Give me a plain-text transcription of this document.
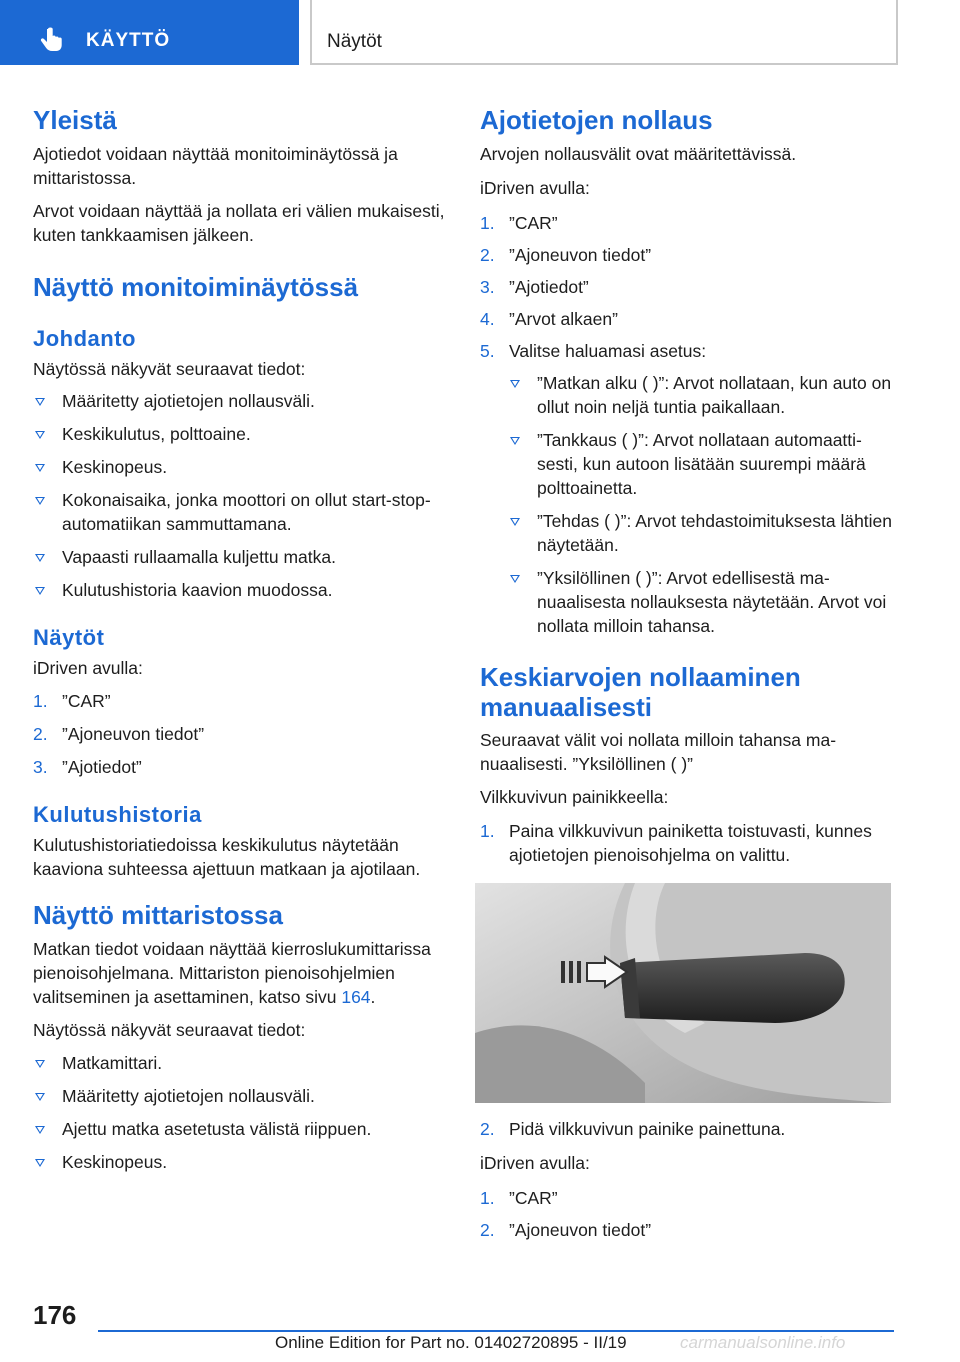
KÄYTTÖ	Näytöt
Yleistä

Ajotiedot voidaan näyttää monitoiminäytössä ja mittaristossa.

Arvot voidaan näyttää ja nollata eri välien mukaisesti, kuten tankkaamisen jälkeen.

Näyttö monitoiminäytössä
Johdanto

Näytössä näkyvät seuraavat tiedot:

Määritetty ajotietojen nollausväli.
Keskikulutus, polttoaine.
Keskinopeus.
Kokonaisaika, jonka moottori on ollut start-stop-automatiikan sammuttamana.
Vapaasti rullaamalla kuljettu matka.
Kulutushistoria kaavion muodossa.
Näytöt

iDriven avulla:

1. ”CAR”
2. ”Ajoneuvon tiedot”
3. ”Ajotiedot”
Kulutushistoria

Kulutushistoriatiedoissa keskikulutus näytetään kaaviona suhteessa ajettuun matkaan ja ajotilaan.

Näyttö mittaristossa

Matkan tiedot voidaan näyttää kierroslukumittarissa pienoisohjelmana. Mittariston pienoisohjelmien valitseminen ja asettaminen, katso sivu 164.

Näytössä näkyvät seuraavat tiedot:

Matkamittari.
Määritetty ajotietojen nollausväli.
Ajettu matka asetetusta välistä riippuen.
Keskinopeus.
Ajotietojen nollaus

Arvojen nollausvälit ovat määritettävissä.

iDriven avulla:

1. ”CAR”
2. ”Ajoneuvon tiedot”
3. ”Ajotiedot”
4. ”Arvot alkaen”
5. Valitse haluamasi asetus:
”Matkan alku ( )”: Arvot nollataan, kun auto on ollut noin neljä tuntia paikallaan.
”Tankkaus ( )”: Arvot nollataan automaattisesti, kun autoon lisätään suurempi määrä polttoainetta.
”Tehdas ( )”: Arvot tehdastoimituksesta lähtien näytetään.
”Yksilöllinen ( )”: Arvot edellisestä manuaalisesta nollauksesta näytetään. Arvot voi nollata milloin tahansa.
Keskiarvojen nollaaminen manuaalisesti

Seuraavat välit voi nollata milloin tahansa manuaalisesti. ”Yksilöllinen ( )”

Vilkkuvivun painikkeella:

1. Paina vilkkuvivun painiketta toistuvasti, kunnes ajotietojen pienoisohjelma on valittu.
2. Pidä vilkkuvivun painike painettuna.

iDriven avulla:

1. ”CAR”
2. ”Ajoneuvon tiedot”
176
Online Edition for Part no. 01402720895 - II/19	carmanualsonline.info
